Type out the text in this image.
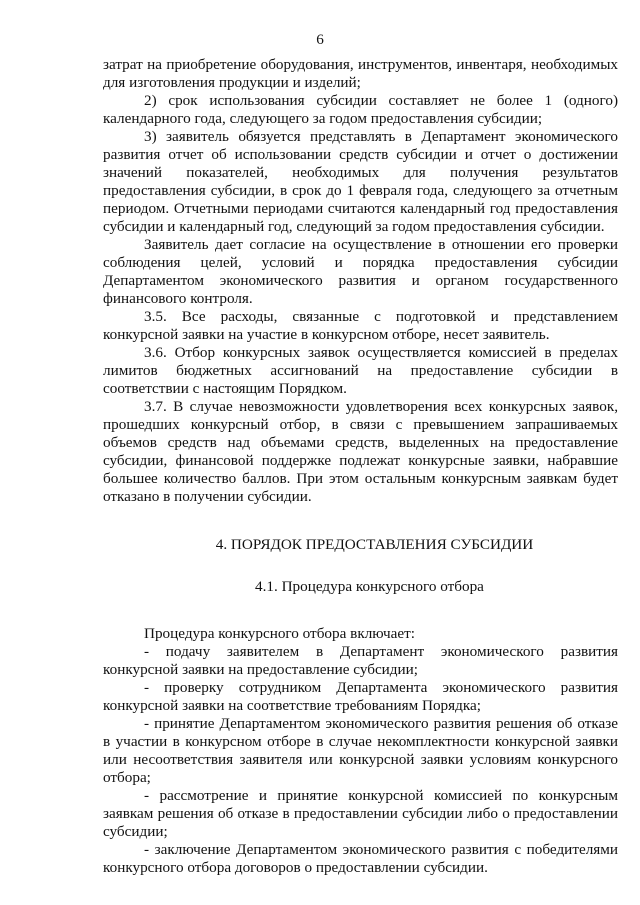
6

затрат на приобретение оборудования, инструментов, инвентаря, необходимых для изготовления продукции и изделий;

2) срок использования субсидии составляет не более 1 (одного) календарного года, следующего за годом предоставления субсидии;

3) заявитель обязуется представлять в Департамент экономического развития отчет об использовании средств субсидии и отчет о достижении значений показателей, необходимых для получения результатов предоставления субсидии, в срок до 1 февраля года, следующего за отчетным периодом. Отчетными периодами считаются календарный год предоставления субсидии и календарный год, следующий за годом предоставления субсидии.

Заявитель дает согласие на осуществление в отношении его проверки соблюдения целей, условий и порядка предоставления субсидии Департаментом экономического развития и органом государственного финансового контроля.

3.5. Все расходы, связанные с подготовкой и представлением конкурсной заявки на участие в конкурсном отборе, несет заявитель.

3.6. Отбор конкурсных заявок осуществляется комиссией в пределах лимитов бюджетных ассигнований на предоставление субсидии в соответствии с настоящим Порядком.

3.7. В случае невозможности удовлетворения всех конкурсных заявок, прошедших конкурсный отбор, в связи с превышением запрашиваемых объемов средств над объемами средств, выделенных на предоставление субсидии, финансовой поддержке подлежат конкурсные заявки, набравшие большее количество баллов. При этом остальным конкурсным заявкам будет отказано в получении субсидии.

4. ПОРЯДОК ПРЕДОСТАВЛЕНИЯ СУБСИДИИ

4.1. Процедура конкурсного отбора

Процедура конкурсного отбора включает:

- подачу заявителем в Департамент экономического развития конкурсной заявки на предоставление субсидии;

- проверку сотрудником Департамента экономического развития конкурсной заявки на соответствие требованиям Порядка;

- принятие Департаментом экономического развития решения об отказе в участии в конкурсном отборе в случае некомплектности конкурсной заявки или несоответствия заявителя или конкурсной заявки условиям конкурсного отбора;

- рассмотрение и принятие конкурсной комиссией по конкурсным заявкам решения об отказе в предоставлении субсидии либо о предоставлении субсидии;

- заключение Департаментом экономического развития с победителями конкурсного отбора договоров о предоставлении субсидии.
